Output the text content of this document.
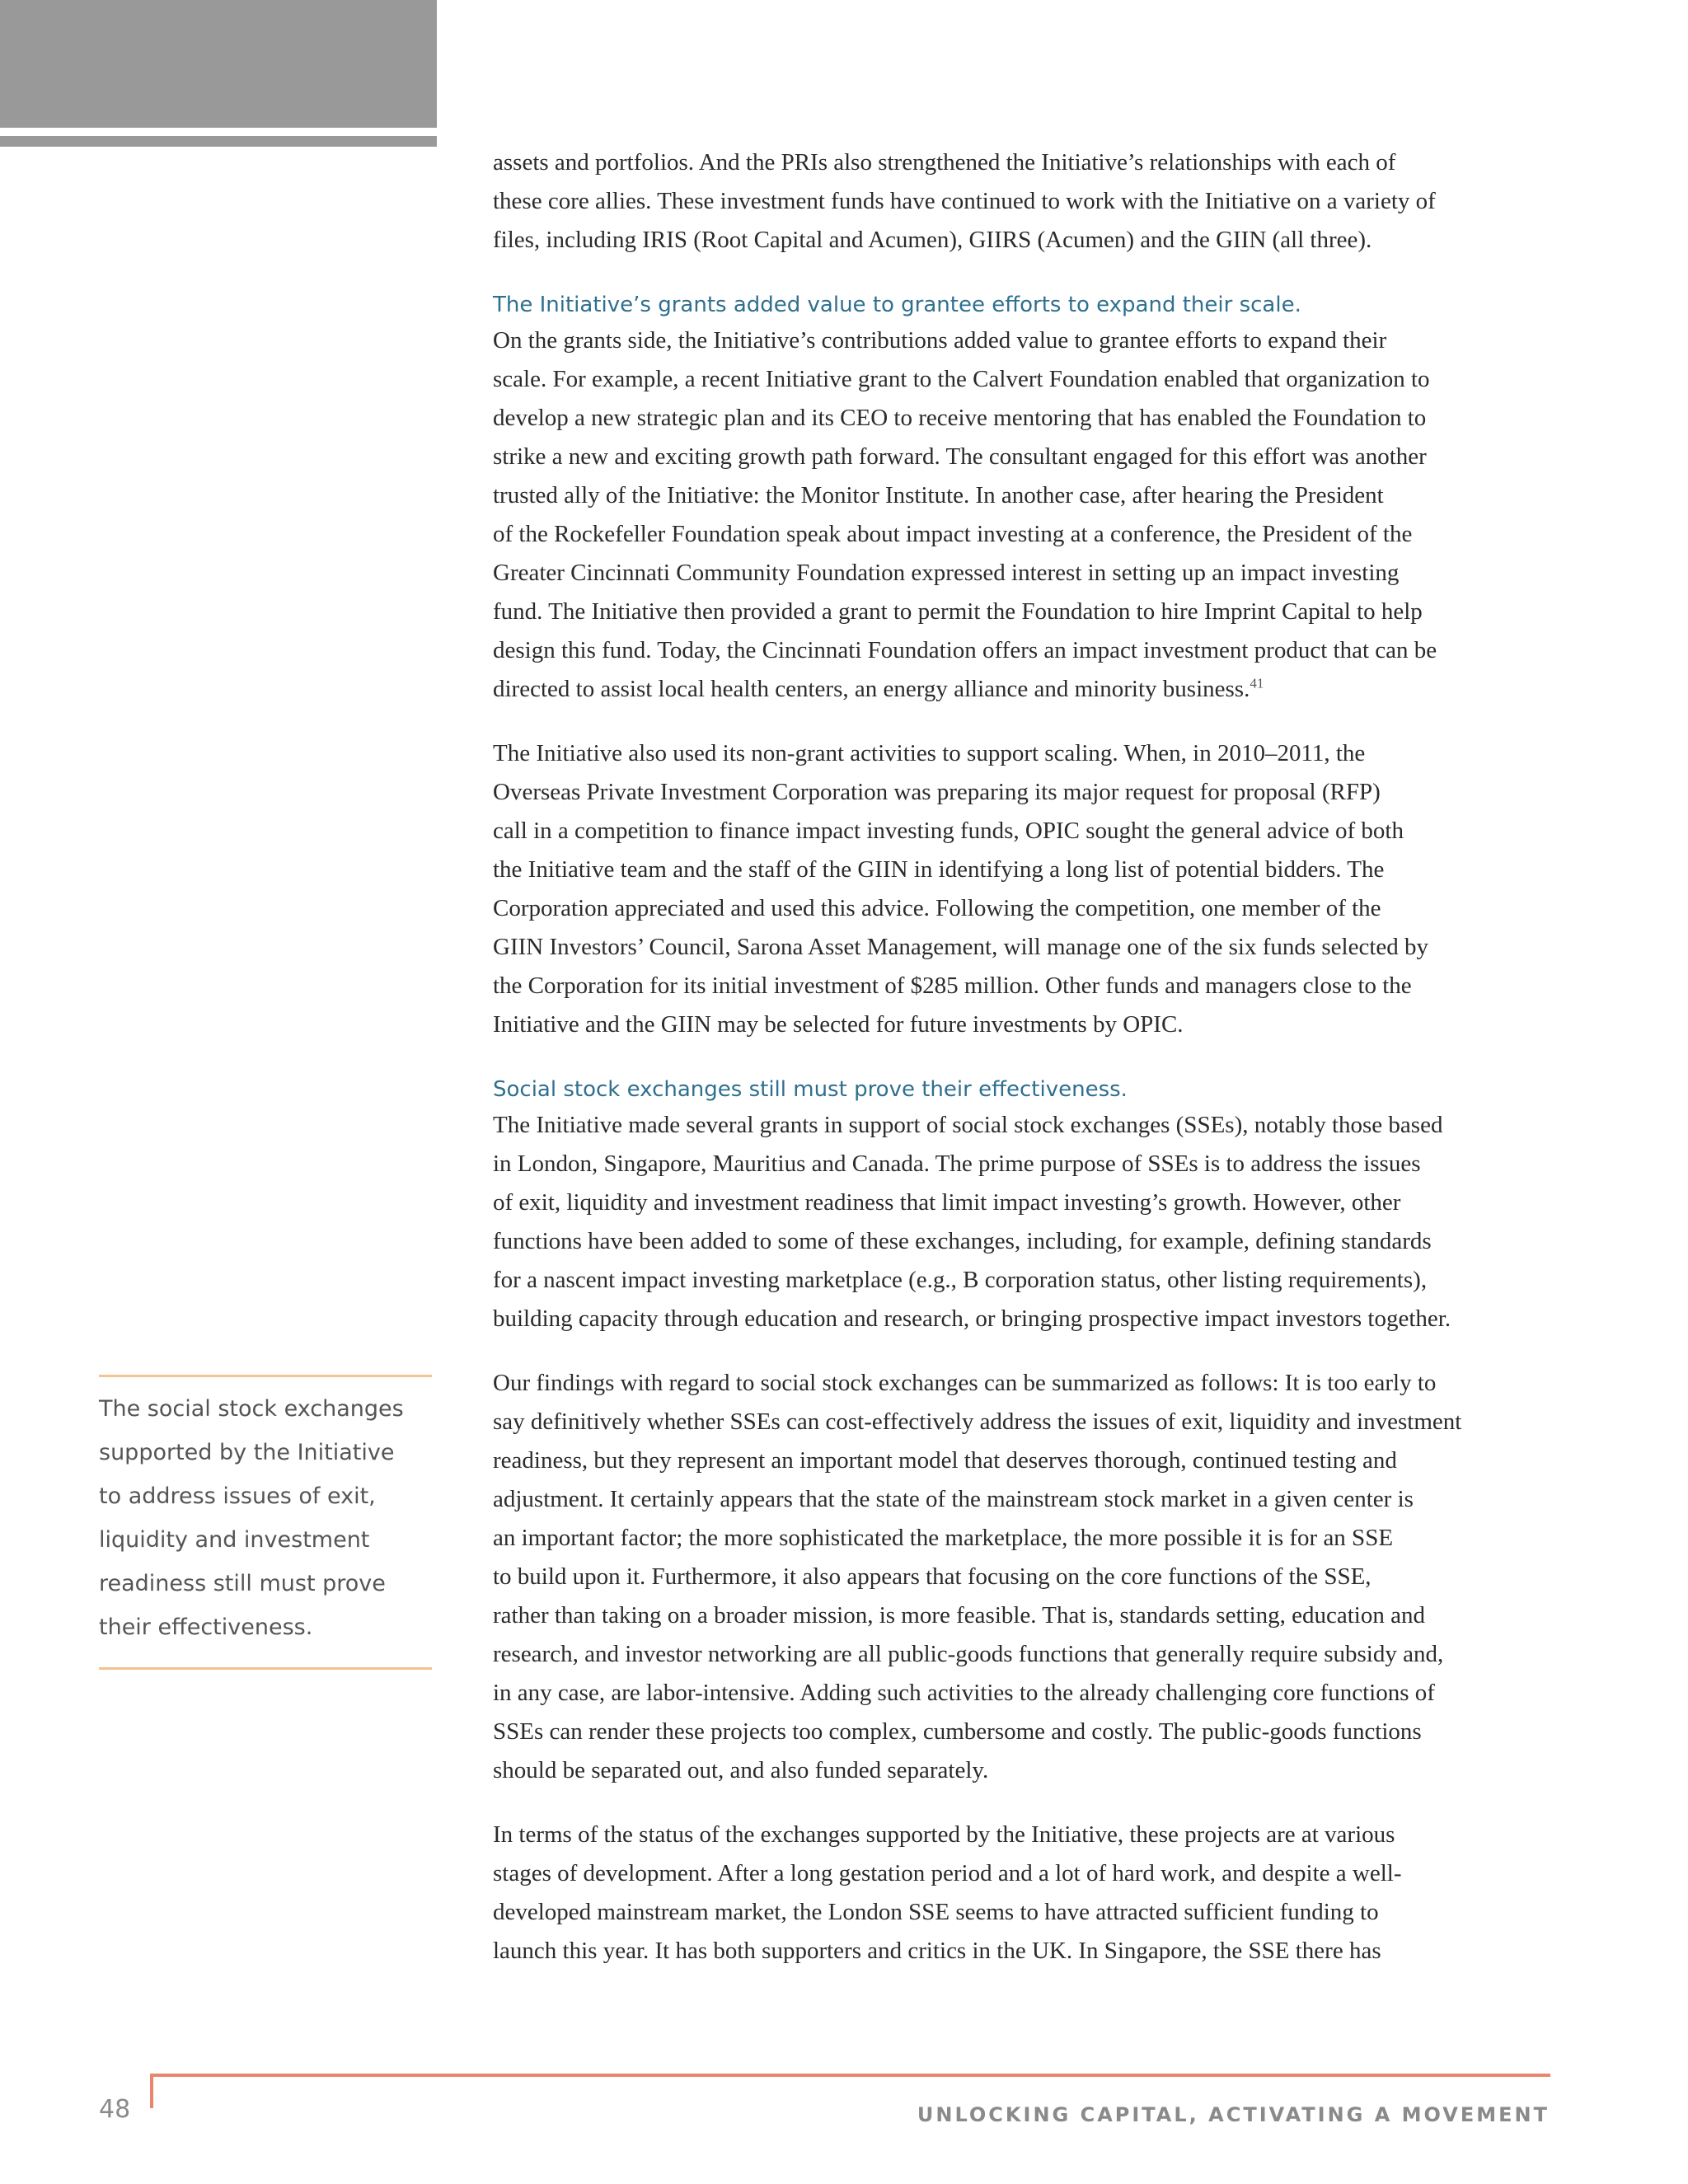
assets and portfolios. And the PRIs also strengthened the Initiative’s relationships with each of
these core allies. These investment funds have continued to work with the Initiative on a variety of
files, including IRIS (Root Capital and Acumen), GIIRS (Acumen) and the GIIN (all three).

The Initiative’s grants added value to grantee efforts to expand their scale.

On the grants side, the Initiative’s contributions added value to grantee efforts to expand their
scale. For example, a recent Initiative grant to the Calvert Foundation enabled that organization to
develop a new strategic plan and its CEO to receive mentoring that has enabled the Foundation to
strike a new and exciting growth path forward. The consultant engaged for this effort was another
trusted ally of the Initiative: the Monitor Institute. In another case, after hearing the President
of the Rockefeller Foundation speak about impact investing at a conference, the President of the
Greater Cincinnati Community Foundation expressed interest in setting up an impact investing
fund. The Initiative then provided a grant to permit the Foundation to hire Imprint Capital to help
design this fund. Today, the Cincinnati Foundation offers an impact investment product that can be
directed to assist local health centers, an energy alliance and minority business.$^{41}$

The Initiative also used its non-grant activities to support scaling. When, in 2010–2011, the
Overseas Private Investment Corporation was preparing its major request for proposal (RFP)
call in a competition to finance impact investing funds, OPIC sought the general advice of both
the Initiative team and the staff of the GIIN in identifying a long list of potential bidders. The
Corporation appreciated and used this advice. Following the competition, one member of the
GIIN Investors’ Council, Sarona Asset Management, will manage one of the six funds selected by
the Corporation for its initial investment of $285 million. Other funds and managers close to the
Initiative and the GIIN may be selected for future investments by OPIC.

Social stock exchanges still must prove their effectiveness.

The Initiative made several grants in support of social stock exchanges (SSEs), notably those based
in London, Singapore, Mauritius and Canada. The prime purpose of SSEs is to address the issues
of exit, liquidity and investment readiness that limit impact investing’s growth. However, other
functions have been added to some of these exchanges, including, for example, defining standards
for a nascent impact investing marketplace (e.g., B corporation status, other listing requirements),
building capacity through education and research, or bringing prospective impact investors together.

Our findings with regard to social stock exchanges can be summarized as follows: It is too early to
say definitively whether SSEs can cost-effectively address the issues of exit, liquidity and investment
readiness, but they represent an important model that deserves thorough, continued testing and
adjustment. It certainly appears that the state of the mainstream stock market in a given center is
an important factor; the more sophisticated the marketplace, the more possible it is for an SSE
to build upon it. Furthermore, it also appears that focusing on the core functions of the SSE,
rather than taking on a broader mission, is more feasible. That is, standards setting, education and
research, and investor networking are all public-goods functions that generally require subsidy and,
in any case, are labor-intensive. Adding such activities to the already challenging core functions of
SSEs can render these projects too complex, cumbersome and costly. The public-goods functions
should be separated out, and also funded separately.

In terms of the status of the exchanges supported by the Initiative, these projects are at various
stages of development. After a long gestation period and a lot of hard work, and despite a well-
developed mainstream market, the London SSE seems to have attracted sufficient funding to
launch this year. It has both supporters and critics in the UK. In Singapore, the SSE there has

The social stock exchanges
supported by the Initiative
to address issues of exit,
liquidity and investment
readiness still must prove
their effectiveness.
48	UNLOCKING CAPITAL, ACTIVATING A MOVEMENT
